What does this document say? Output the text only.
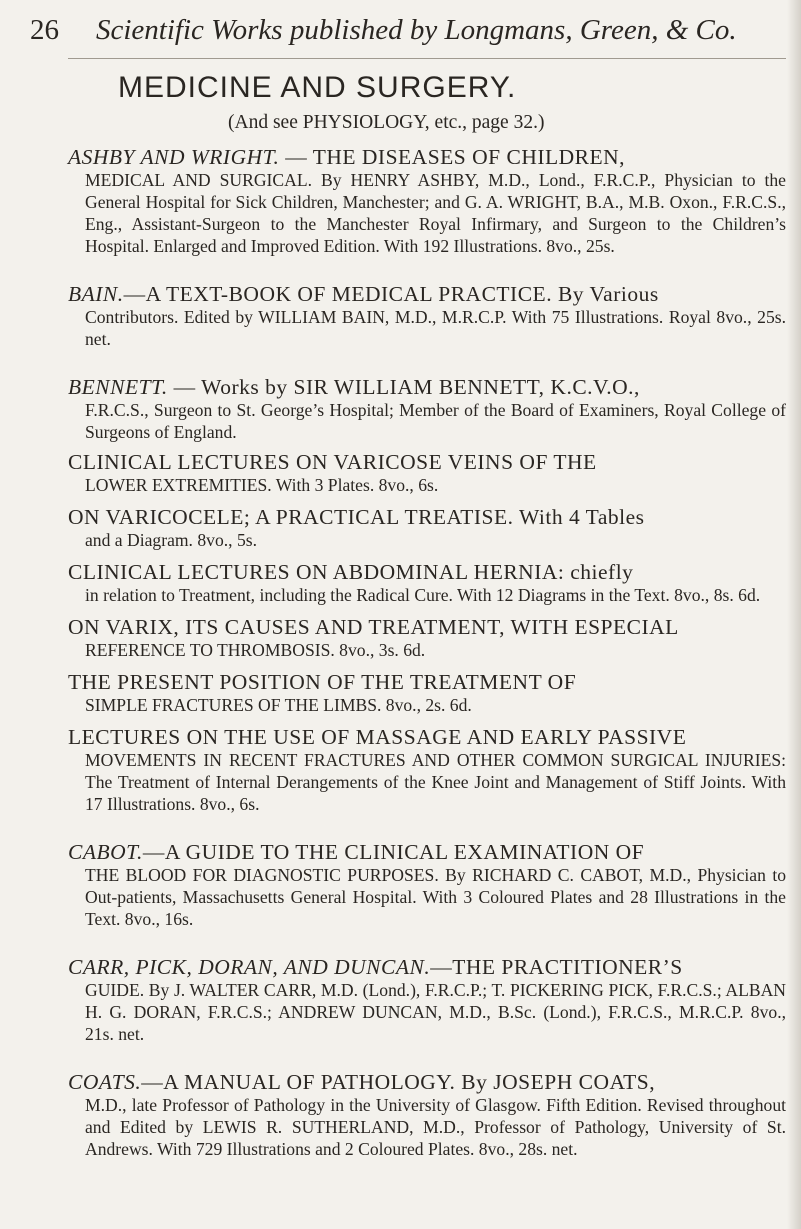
26 Scientific Works published by Longmans, Green, & Co.
MEDICINE AND SURGERY.
(And see PHYSIOLOGY, etc., page 32.)
ASHBY AND WRIGHT. — THE DISEASES OF CHILDREN,
MEDICAL AND SURGICAL. By HENRY ASHBY, M.D., Lond., F.R.C.P., Physician to the General Hospital for Sick Children, Manchester; and G. A. WRIGHT, B.A., M.B. Oxon., F.R.C.S., Eng., Assistant-Surgeon to the Manchester Royal Infirmary, and Surgeon to the Children’s Hospital. Enlarged and Improved Edition. With 192 Illustrations. 8vo., 25s.
BAIN.—A TEXT-BOOK OF MEDICAL PRACTICE. By Various
Contributors. Edited by WILLIAM BAIN, M.D., M.R.C.P. With 75 Illustrations. Royal 8vo., 25s. net.
BENNETT. — Works by SIR WILLIAM BENNETT, K.C.V.O.,
F.R.C.S., Surgeon to St. George’s Hospital; Member of the Board of Examiners, Royal College of Surgeons of England.
CLINICAL LECTURES ON VARICOSE VEINS OF THE
LOWER EXTREMITIES. With 3 Plates. 8vo., 6s.
ON VARICOCELE; A PRACTICAL TREATISE. With 4 Tables
and a Diagram. 8vo., 5s.
CLINICAL LECTURES ON ABDOMINAL HERNIA: chiefly
in relation to Treatment, including the Radical Cure. With 12 Diagrams in the Text. 8vo., 8s. 6d.
ON VARIX, ITS CAUSES AND TREATMENT, WITH ESPECIAL
REFERENCE TO THROMBOSIS. 8vo., 3s. 6d.
THE PRESENT POSITION OF THE TREATMENT OF
SIMPLE FRACTURES OF THE LIMBS. 8vo., 2s. 6d.
LECTURES ON THE USE OF MASSAGE AND EARLY PASSIVE
MOVEMENTS IN RECENT FRACTURES AND OTHER COMMON SURGICAL INJURIES: The Treatment of Internal Derangements of the Knee Joint and Management of Stiff Joints. With 17 Illustrations. 8vo., 6s.
CABOT.—A GUIDE TO THE CLINICAL EXAMINATION OF
THE BLOOD FOR DIAGNOSTIC PURPOSES. By RICHARD C. CABOT, M.D., Physician to Out-patients, Massachusetts General Hospital. With 3 Coloured Plates and 28 Illustrations in the Text. 8vo., 16s.
CARR, PICK, DORAN, AND DUNCAN.—THE PRACTITIONER’S
GUIDE. By J. WALTER CARR, M.D. (Lond.), F.R.C.P.; T. PICKERING PICK, F.R.C.S.; ALBAN H. G. DORAN, F.R.C.S.; ANDREW DUNCAN, M.D., B.Sc. (Lond.), F.R.C.S., M.R.C.P. 8vo., 21s. net.
COATS.—A MANUAL OF PATHOLOGY. By JOSEPH COATS,
M.D., late Professor of Pathology in the University of Glasgow. Fifth Edition. Revised throughout and Edited by LEWIS R. SUTHERLAND, M.D., Professor of Pathology, University of St. Andrews. With 729 Illustrations and 2 Coloured Plates. 8vo., 28s. net.
